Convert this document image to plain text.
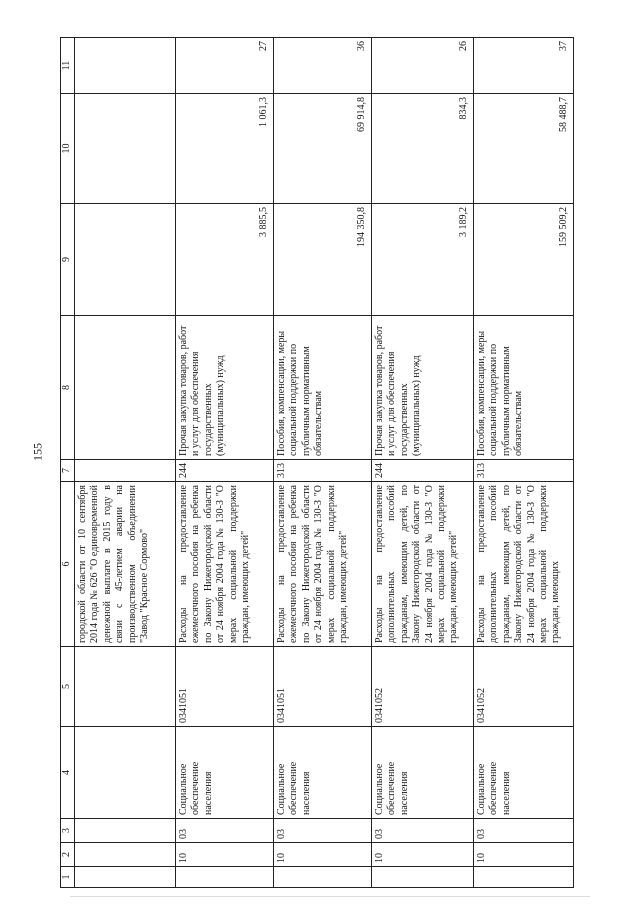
155
1	2	3	4	5	6	7	8	9	10	11
					городской области от 10 сентября 2014 года № 626 "О единовременной денежной выплате в 2015 году в связи с 45-летием аварии на производственном объединении "Завод "Красное Сормово"					
	10	03	Социальное обеспечение населения	0341051	Расходы на предоставление ежемесячного пособия на ребенка по Закону Нижегородской области от 24 ноября 2004 года № 130-З "О мерах социальной поддержки граждан, имеющих детей"	244	Прочая закупка товаров, работ и услуг для обеспечения государственных (муниципальных) нужд	3 885,5	1 061,3	27
	10	03	Социальное обеспечение населения	0341051	Расходы на предоставление ежемесячного пособия на ребенка по Закону Нижегородской области от 24 ноября 2004 года № 130-З "О мерах социальной поддержки граждан, имеющих детей"	313	Пособия, компенсации, меры социальной поддержки по публичным нормативным обязательствам	194 350,8	69 914,8	36
	10	03	Социальное обеспечение населения	0341052	Расходы на предоставление дополнительных пособий гражданам, имеющим детей, по Закону Нижегородской области от 24 ноября 2004 года № 130-З "О мерах социальной поддержки граждан, имеющих детей"	244	Прочая закупка товаров, работ и услуг для обеспечения государственных (муниципальных) нужд	3 189,2	834,3	26
	10	03	Социальное обеспечение населения	0341052	Расходы на предоставление дополнительных пособий гражданам, имеющим детей, по Закону Нижегородской области от 24 ноября 2004 года № 130-З "О мерах социальной поддержки граждан, имеющих	313	Пособия, компенсации, меры социальной поддержки по публичным нормативным обязательствам	159 509,2	58 488,7	37
